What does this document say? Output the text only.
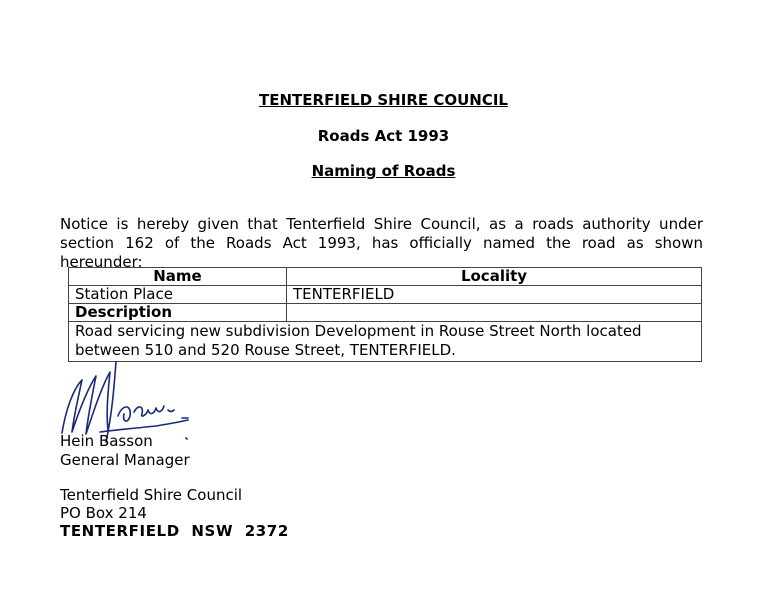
TENTERFIELD SHIRE COUNCIL
Roads Act 1993
Naming of Roads

Notice is hereby given that Tenterfield Shire Council, as a roads authority under

section 162 of the Roads Act 1993, has officially named the road as shown hereunder:

Name	Locality
Station Place	TENTERFIELD
Description	
Road servicing new subdivision Development in Rouse Street North located between 510 and 520 Rouse Street, TENTERFIELD.	

Hein Basson

General Manager

Tenterfield Shire Council

PO Box 214

TENTERFIELD  NSW  2372
